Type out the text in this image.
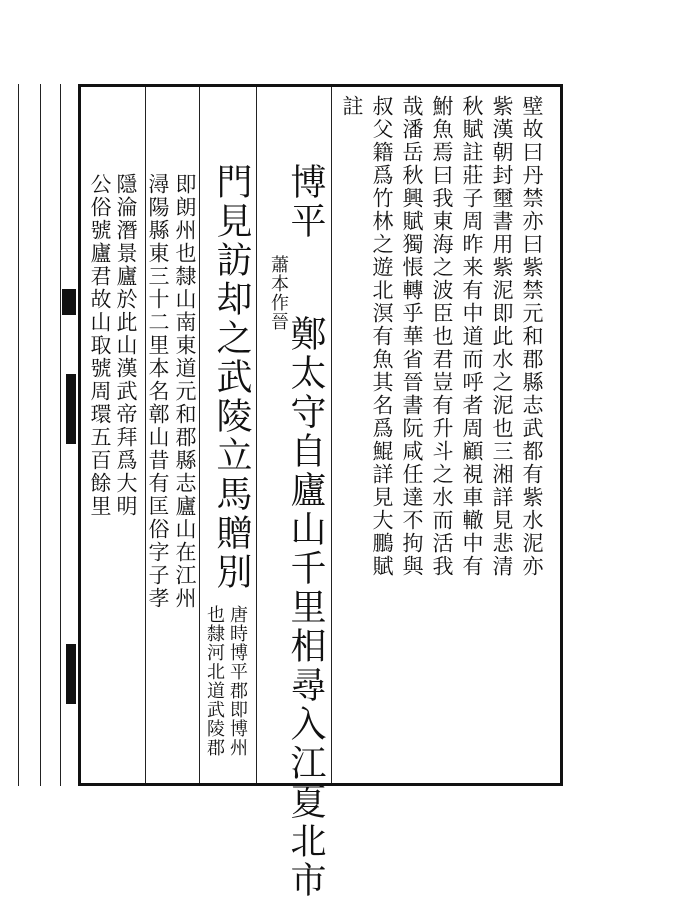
壁故曰丹禁亦曰紫禁元和郡縣志武都有紫水泥亦
紫漢朝封壐書用紫泥即此水之泥也三湘詳見悲清
秋賦註莊子周昨来有中道而呼者周顧視車轍中有
鮒魚焉曰我東海之波臣也君豈有升斗之水而活我
哉潘岳秋興賦獨悵轉乎華省晉書阮咸任達不拘與
叔父籍爲竹林之遊北溟有魚其名爲鯤詳見大鵬賦
註
博平
蕭本作晉
鄭太守自廬山千里相尋入江夏北市
門見訪却之武陵立馬贈別
唐時博平郡即博州
也隸河北道武陵郡
即朗州也隸山南東道元和郡縣志廬山在江州
潯陽縣東三十二里本名鄣山昔有匡俗字子孝
隱淪潛景廬於此山漢武帝拜爲大明
公俗號廬君故山取號周環五百餘里
